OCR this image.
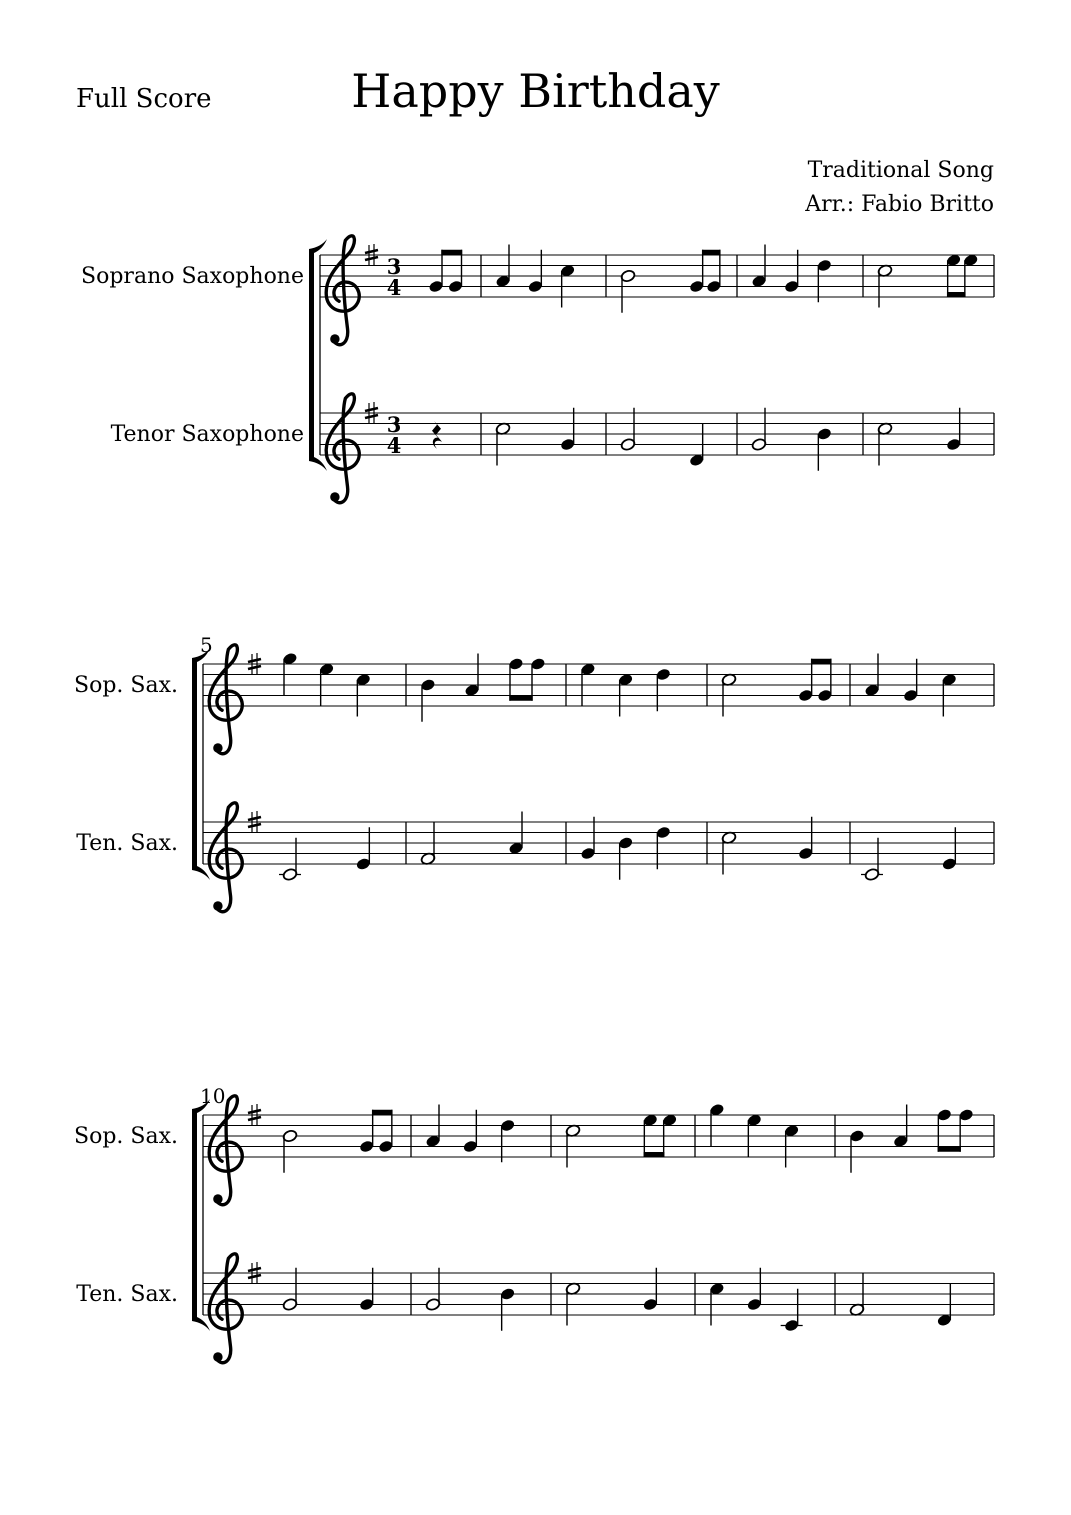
Full Score	Happy Birthday
Traditional Song
Arr.: Fabio Britto
Soprano Saxophone	3
4
Tenor Saxophone	3
4
5
Sop. Sax.
Ten. Sax.
10
Sop. Sax.
Ten. Sax.
